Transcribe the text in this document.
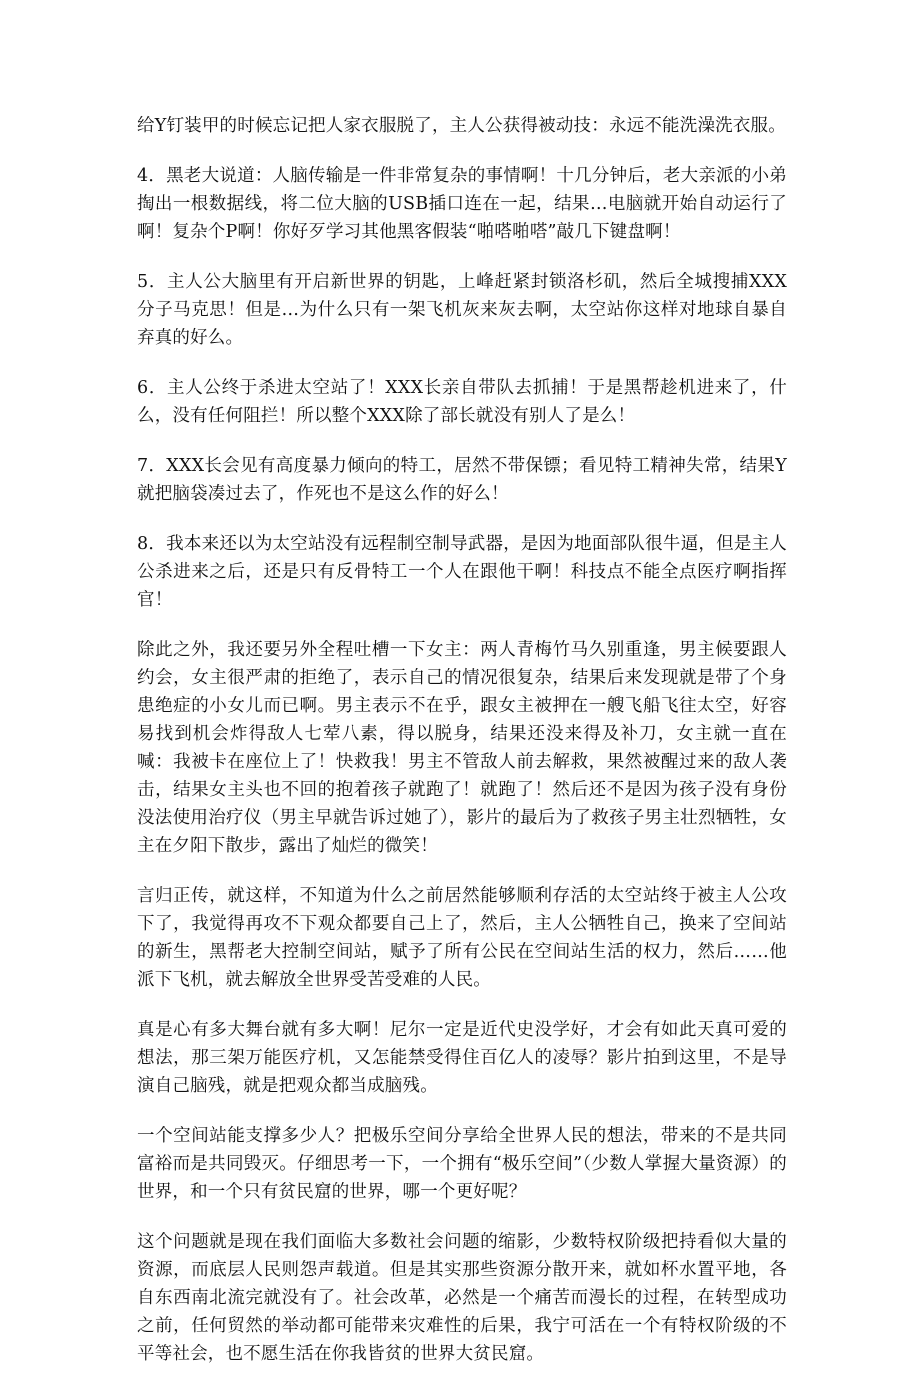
给Y钉装甲的时候忘记把人家衣服脱了，主人公获得被动技：永远不能洗澡洗衣服。

4．黑老大说道：人脑传输是一件非常复杂的事情啊！十几分钟后，老大亲派的小弟掏出一根数据线，将二位大脑的USB插口连在一起，结果…电脑就开始自动运行了啊！复杂个P啊！你好歹学习其他黑客假装“啪嗒啪嗒”敲几下键盘啊！

5．主人公大脑里有开启新世界的钥匙，上峰赶紧封锁洛杉矶，然后全城搜捕XXX分子马克思！但是…为什么只有一架飞机灰来灰去啊，太空站你这样对地球自暴自弃真的好么。

6．主人公终于杀进太空站了！XXX长亲自带队去抓捕！于是黑帮趁机进来了，什么，没有任何阻拦！所以整个XXX除了部长就没有别人了是么！

7．XXX长会见有高度暴力倾向的特工，居然不带保镖；看见特工精神失常，结果Y就把脑袋凑过去了，作死也不是这么作的好么！

8．我本来还以为太空站没有远程制空制导武器，是因为地面部队很牛逼，但是主人公杀进来之后，还是只有反骨特工一个人在跟他干啊！科技点不能全点医疗啊指挥官！

除此之外，我还要另外全程吐槽一下女主：两人青梅竹马久别重逢，男主候要跟人约会，女主很严肃的拒绝了，表示自己的情况很复杂，结果后来发现就是带了个身患绝症的小女儿而已啊。男主表示不在乎，跟女主被押在一艘飞船飞往太空，好容易找到机会炸得敌人七荤八素，得以脱身，结果还没来得及补刀，女主就一直在喊：我被卡在座位上了！快救我！男主不管敌人前去解救，果然被醒过来的敌人袭击，结果女主头也不回的抱着孩子就跑了！就跑了！然后还不是因为孩子没有身份没法使用治疗仪（男主早就告诉过她了），影片的最后为了救孩子男主壮烈牺牲，女主在夕阳下散步，露出了灿烂的微笑！

言归正传，就这样，不知道为什么之前居然能够顺利存活的太空站终于被主人公攻下了，我觉得再攻不下观众都要自己上了，然后，主人公牺牲自己，换来了空间站的新生，黑帮老大控制空间站，赋予了所有公民在空间站生活的权力，然后……他派下飞机，就去解放全世界受苦受难的人民。

真是心有多大舞台就有多大啊！尼尔一定是近代史没学好，才会有如此天真可爱的想法，那三架万能医疗机，又怎能禁受得住百亿人的凌辱？影片拍到这里，不是导演自己脑残，就是把观众都当成脑残。

一个空间站能支撑多少人？把极乐空间分享给全世界人民的想法，带来的不是共同富裕而是共同毁灭。仔细思考一下，一个拥有“极乐空间”（少数人掌握大量资源）的世界，和一个只有贫民窟的世界，哪一个更好呢？

这个问题就是现在我们面临大多数社会问题的缩影，少数特权阶级把持看似大量的资源，而底层人民则怨声载道。但是其实那些资源分散开来，就如杯水置平地，各自东西南北流完就没有了。社会改革，必然是一个痛苦而漫长的过程，在转型成功之前，任何贸然的举动都可能带来灾难性的后果，我宁可活在一个有特权阶级的不平等社会，也不愿生活在你我皆贫的世界大贫民窟。
